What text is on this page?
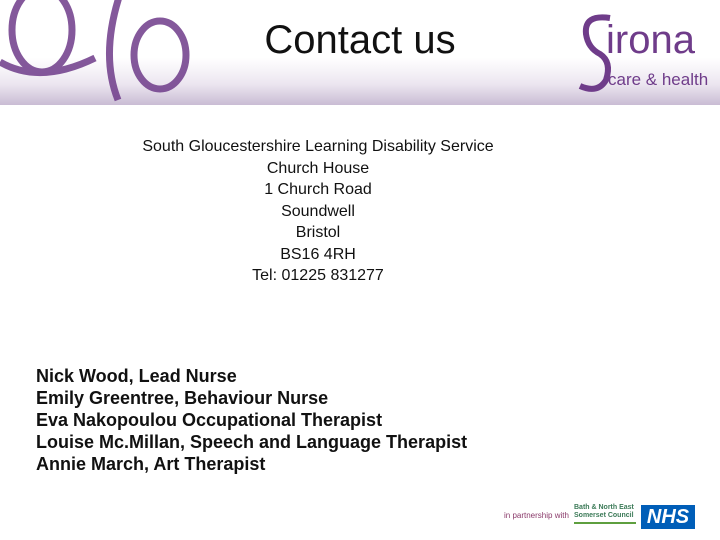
Contact us	irona
care & health
South Gloucestershire Learning Disability Service
Church House
1 Church Road
Soundwell
Bristol
BS16 4RH
Tel: 01225 831277
Nick Wood, Lead Nurse
Emily Greentree, Behaviour Nurse
Eva Nakopoulou Occupational Therapist
Louise Mc.Millan, Speech and Language Therapist
Annie March, Art Therapist
in partnership with
Bath & North East
Somerset Council NHS
